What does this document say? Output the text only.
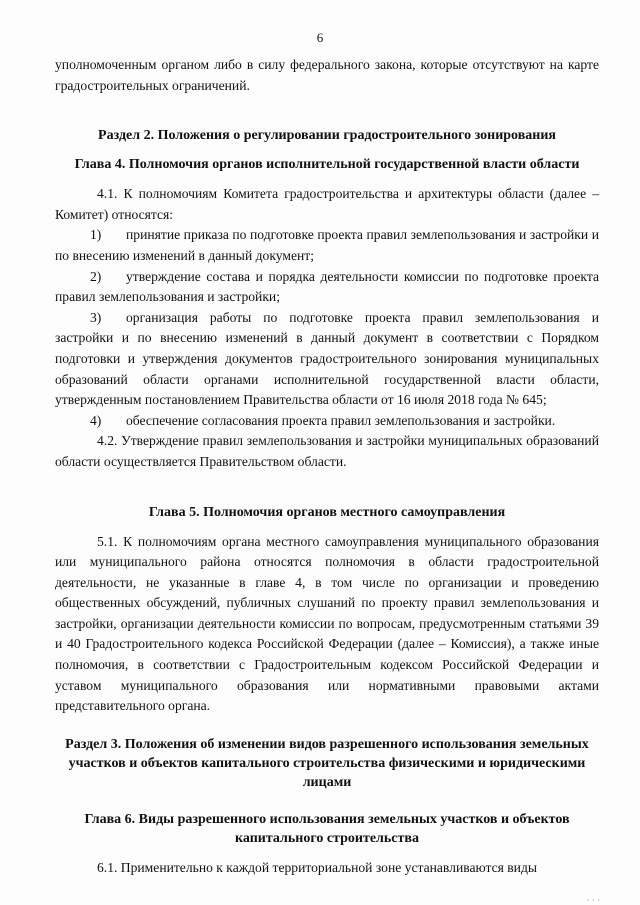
6

уполномоченным органом либо в силу федерального закона, которые отсутствуют на карте градостроительных ограничений.

Раздел 2. Положения о регулировании градостроительного зонирования
Глава 4. Полномочия органов исполнительной государственной власти области

4.1. К полномочиям Комитета градостроительства и архитектуры области (далее – Комитет) относятся:

1) принятие приказа по подготовке проекта правил землепользования и застройки и по внесению изменений в данный документ;

2) утверждение состава и порядка деятельности комиссии по подготовке проекта правил землепользования и застройки;

3) организация работы по подготовке проекта правил землепользования и застройки и по внесению изменений в данный документ в соответствии с Порядком подготовки и утверждения документов градостроительного зонирования муниципальных образований области органами исполнительной государственной власти области, утвержденным постановлением Правительства области от 16 июля 2018 года № 645;

4) обеспечение согласования проекта правил землепользования и застройки.

4.2. Утверждение правил землепользования и застройки муниципальных образований области осуществляется Правительством области.

Глава 5. Полномочия органов местного самоуправления

5.1. К полномочиям органа местного самоуправления муниципального образования или муниципального района относятся полномочия в области градостроительной деятельности, не указанные в главе 4, в том числе по организации и проведению общественных обсуждений, публичных слушаний по проекту правил землепользования и застройки, организации деятельности комиссии по вопросам, предусмотренным статьями 39 и 40 Градостроительного кодекса Российской Федерации (далее – Комиссия), а также иные полномочия, в соответствии с Градостроительным кодексом Российской Федерации и уставом муниципального образования или нормативными правовыми актами представительного органа.

Раздел 3. Положения об изменении видов разрешенного использования земельных участков и объектов капитального строительства физическими и юридическими лицами
Глава 6. Виды разрешенного использования земельных участков и объектов капитального строительства

6.1. Применительно к каждой территориальной зоне устанавливаются виды

· · ·
